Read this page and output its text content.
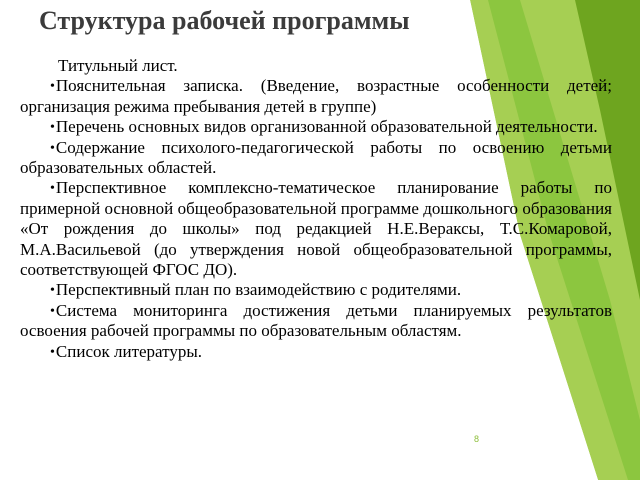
Структура рабочей программы

Титульный лист.

•Пояснительная записка. (Введение, возрастные особенности детей; организация режима пребывания детей в группе)

•Перечень основных видов организованной образовательной деятельности.

•Содержание психолого-педагогической работы по освоению детьми образовательных областей.

•Перспективное комплексно-тематическое планирование работы по примерной основной общеобразовательной программе дошкольного образования «От рождения до школы» под редакцией Н.Е.Вераксы, Т.С.Комаровой, М.А.Васильевой (до утверждения новой общеобразовательной программы, соответствующей ФГОС ДО).

•Перспективный план по взаимодействию с родителями.

•Система мониторинга достижения детьми планируемых результатов освоения рабочей программы по образовательным областям.

•Список литературы.

8
